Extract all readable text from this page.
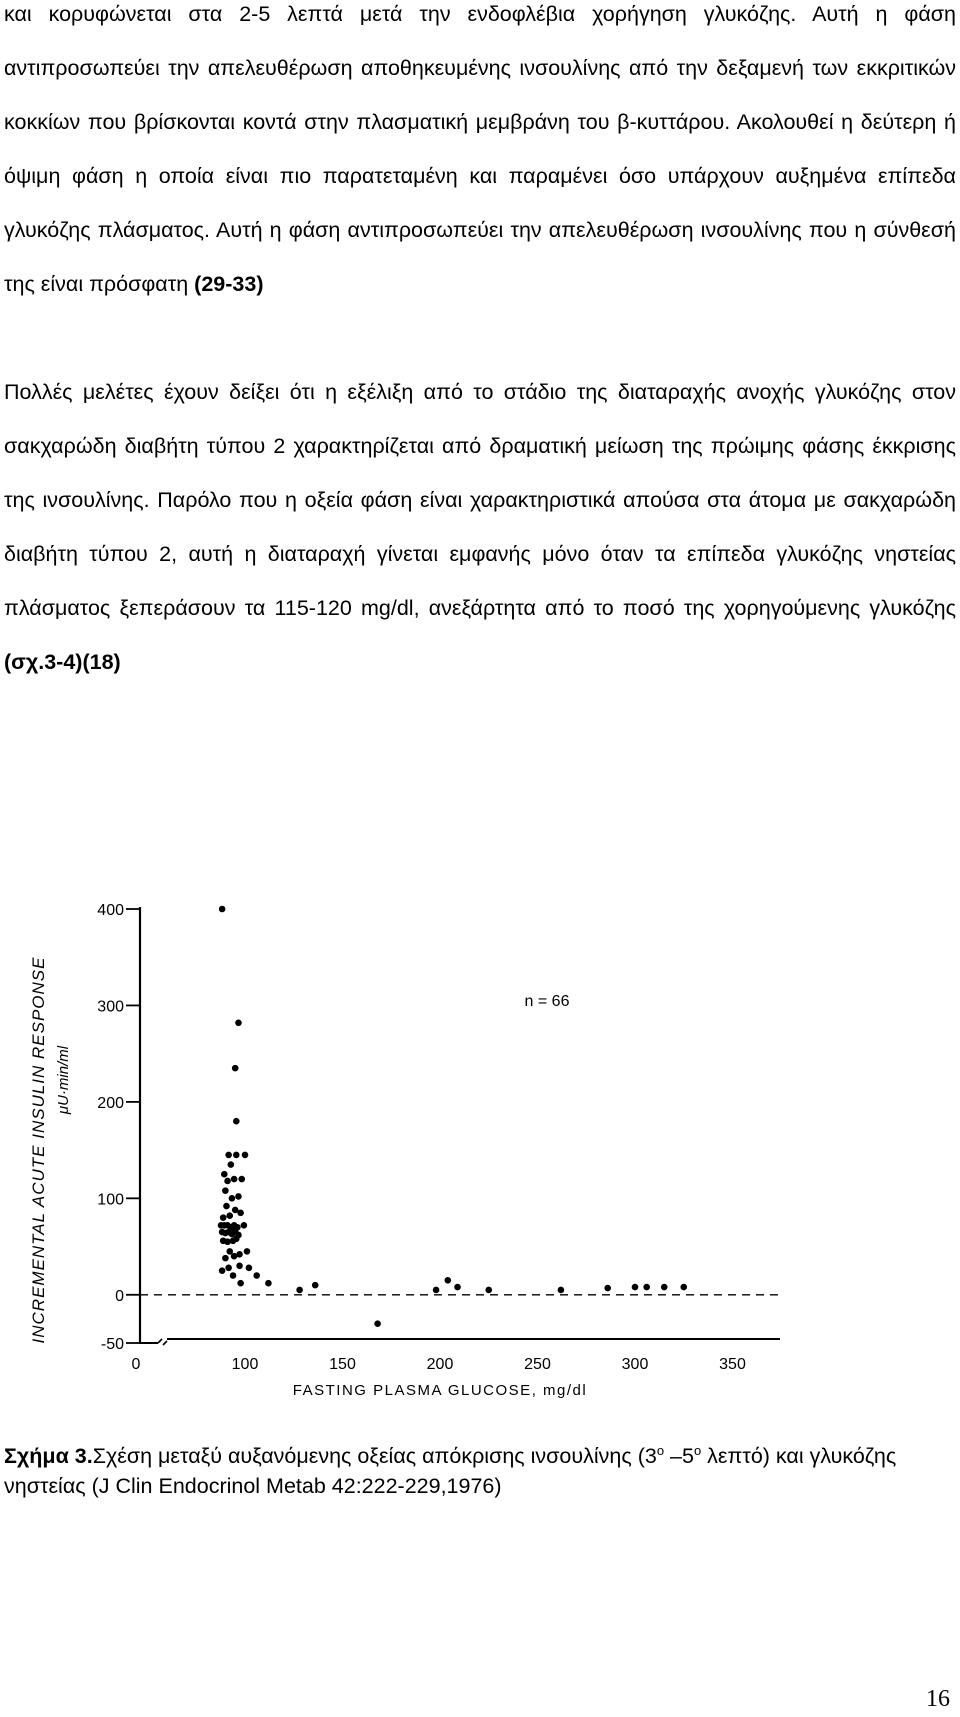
και κορυφώνεται στα 2-5 λεπτά μετά την ενδοφλέβια χορήγηση γλυκόζης. Αυτή η φάση αντιπροσωπεύει την απελευθέρωση αποθηκευμένης ινσουλίνης από την δεξαμενή των εκκριτικών κοκκίων που βρίσκονται κοντά στην πλασματική μεμβράνη του β-κυττάρου. Ακολουθεί η δεύτερη ή όψιμη φάση η οποία είναι πιο παρατεταμένη και παραμένει όσο υπάρχουν αυξημένα επίπεδα γλυκόζης πλάσματος. Αυτή η φάση αντιπροσωπεύει την απελευθέρωση ινσουλίνης που η σύνθεσή της είναι πρόσφατη (29-33)

Πολλές μελέτες έχουν δείξει ότι η εξέλιξη από το στάδιο της διαταραχής ανοχής γλυκόζης στον σακχαρώδη διαβήτη τύπου 2 χαρακτηρίζεται από δραματική μείωση της πρώιμης φάσης έκκρισης της ινσουλίνης. Παρόλο που η οξεία φάση είναι χαρακτηριστικά απούσα στα άτομα με σακχαρώδη διαβήτη τύπου 2, αυτή η διαταραχή γίνεται εμφανής μόνο όταν τα επίπεδα γλυκόζης νηστείας πλάσματος ξεπεράσουν τα 115-120 mg/dl, ανεξάρτητα από το ποσό της χορηγούμενης γλυκόζης (σχ.3-4)(18)

-50
0
100
200
300
400
0	100	150	200	250	300	350
INCREMENTAL ACUTE INSULIN RESPONSE μU·min/ml
FASTING PLASMA GLUCOSE, mg/dl
n = 66
Σχήμα 3.Σχέση μεταξύ αυξανόμενης οξείας απόκρισης ινσουλίνης ($3^o$ $-5^o$ λεπτό) και γλυκόζης νηστείας (J Clin Endocrinol Metab 42:222-229,1976)
16
